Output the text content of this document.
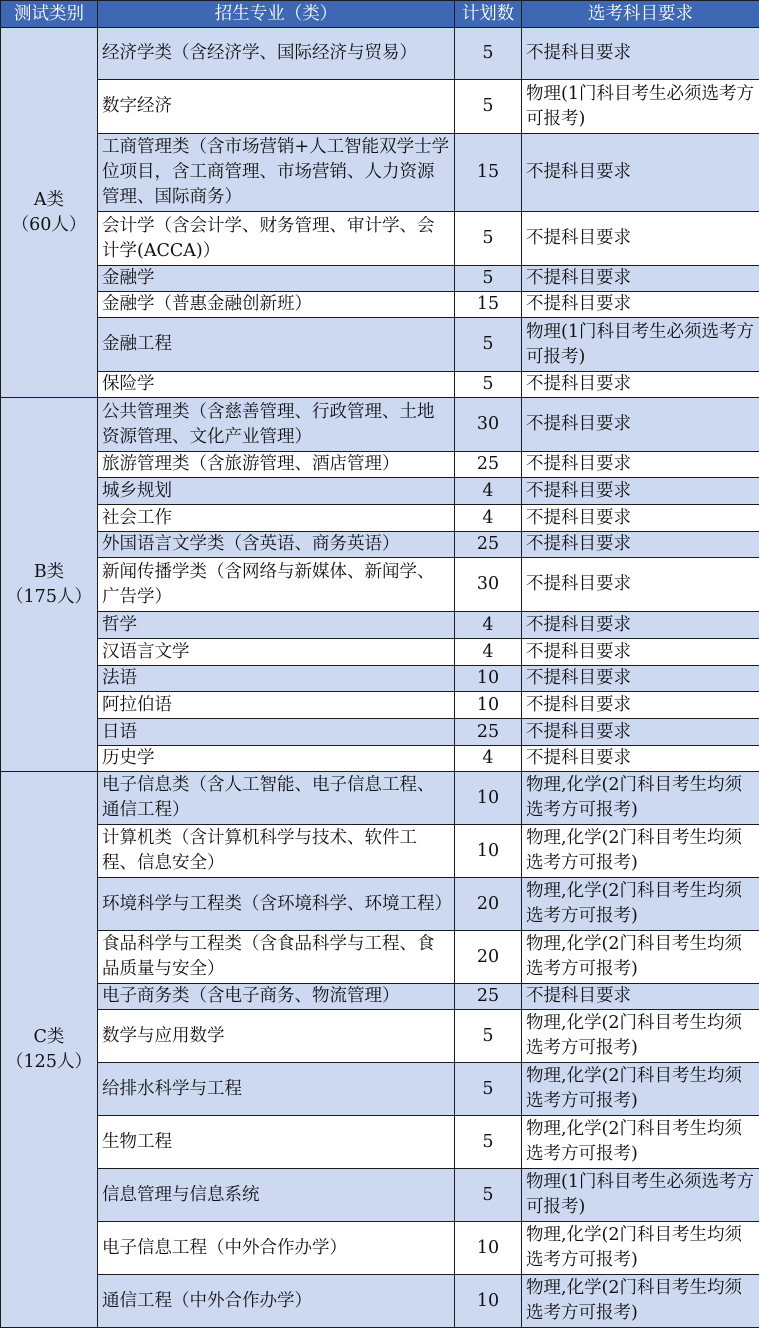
测试类别	招生专业（类）	计划数	选考科目要求

A类
（60人）	经济学类（含经济学、国际经济与贸易）	5	不提科目要求
	数字经济	5	物理(1门科目考生必须选考方可报考)
	工商管理类（含市场营销+人工智能双学士学位项目，含工商管理、市场营销、人力资源管理、国际商务）	15	不提科目要求
	会计学（含会计学、财务管理、审计学、会计学(ACCA)）	5	不提科目要求
	金融学	5	不提科目要求
	金融学（普惠金融创新班）	15	不提科目要求
	金融工程	5	物理(1门科目考生必须选考方可报考)
	保险学	5	不提科目要求

B类
（175人）	公共管理类（含慈善管理、行政管理、土地资源管理、文化产业管理）	30	不提科目要求
	旅游管理类（含旅游管理、酒店管理）	25	不提科目要求
	城乡规划	4	不提科目要求
	社会工作	4	不提科目要求
	外国语言文学类（含英语、商务英语）	25	不提科目要求
	新闻传播学类（含网络与新媒体、新闻学、广告学）	30	不提科目要求
	哲学	4	不提科目要求
	汉语言文学	4	不提科目要求
	法语	10	不提科目要求
	阿拉伯语	10	不提科目要求
	日语	25	不提科目要求
	历史学	4	不提科目要求

C类
（125人）	电子信息类（含人工智能、电子信息工程、通信工程）	10	物理,化学(2门科目考生均须选考方可报考)
	计算机类（含计算机科学与技术、软件工程、信息安全）	10	物理,化学(2门科目考生均须选考方可报考)
	环境科学与工程类（含环境科学、环境工程）	20	物理,化学(2门科目考生均须选考方可报考)
	食品科学与工程类（含食品科学与工程、食品质量与安全）	20	物理,化学(2门科目考生均须选考方可报考)
	电子商务类（含电子商务、物流管理）	25	不提科目要求
	数学与应用数学	5	物理,化学(2门科目考生均须选考方可报考)
	给排水科学与工程	5	物理,化学(2门科目考生均须选考方可报考)
	生物工程	5	物理,化学(2门科目考生均须选考方可报考)
	信息管理与信息系统	5	物理(1门科目考生必须选考方可报考)
	电子信息工程（中外合作办学）	10	物理,化学(2门科目考生均须选考方可报考)
	通信工程（中外合作办学）	10	物理,化学(2门科目考生均须选考方可报考)
